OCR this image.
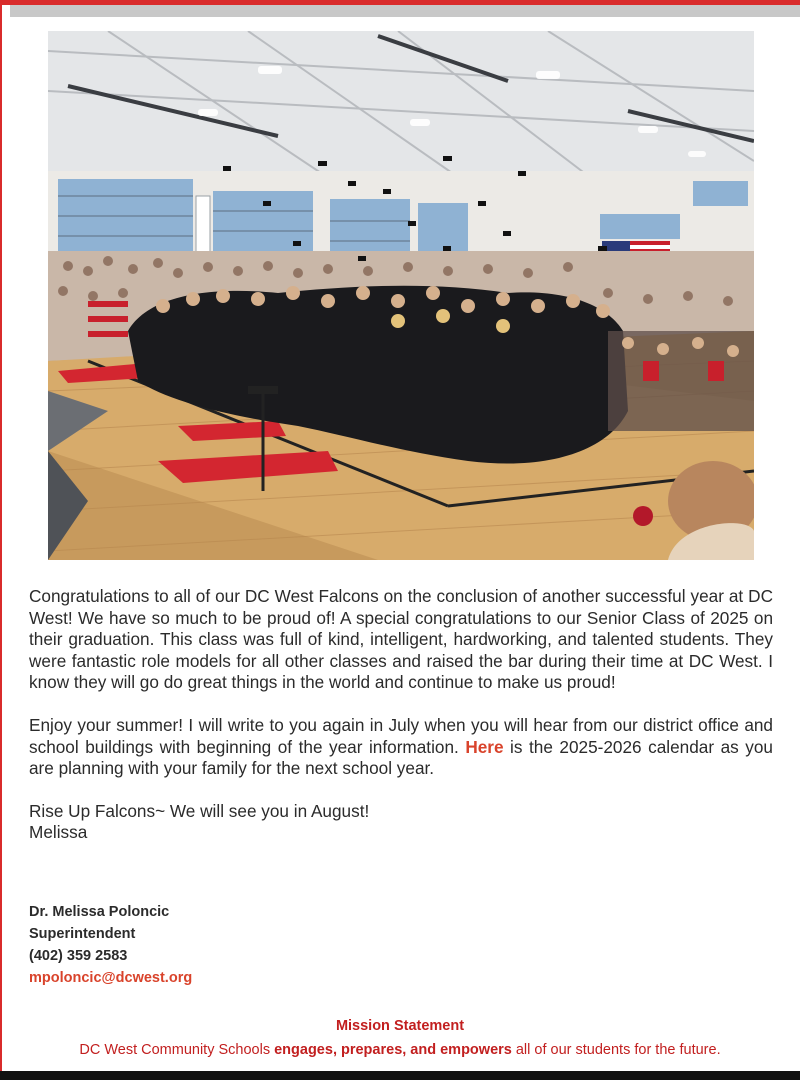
Congratulations to all of our DC West Falcons on the conclusion of another successful year at DC West! We have so much to be proud of! A special congratulations to our Senior Class of 2025 on their graduation. This class was full of kind, intelligent, hardworking, and talented students. They were fantastic role models for all other classes and raised the bar during their time at DC West. I know they will go do great things in the world and continue to make us proud!

Enjoy your summer! I will write to you again in July when you will hear from our district office and school buildings with beginning of the year information. Here is the 2025-2026 calendar as you are planning with your family for the next school year.

Rise Up Falcons~ We will see you in August!
Melissa

Dr. Melissa Poloncic
Superintendent
(402) 359 2583
mpoloncic@dcwest.org
Mission Statement
DC West Community Schools engages, prepares, and empowers all of our students for the future.
